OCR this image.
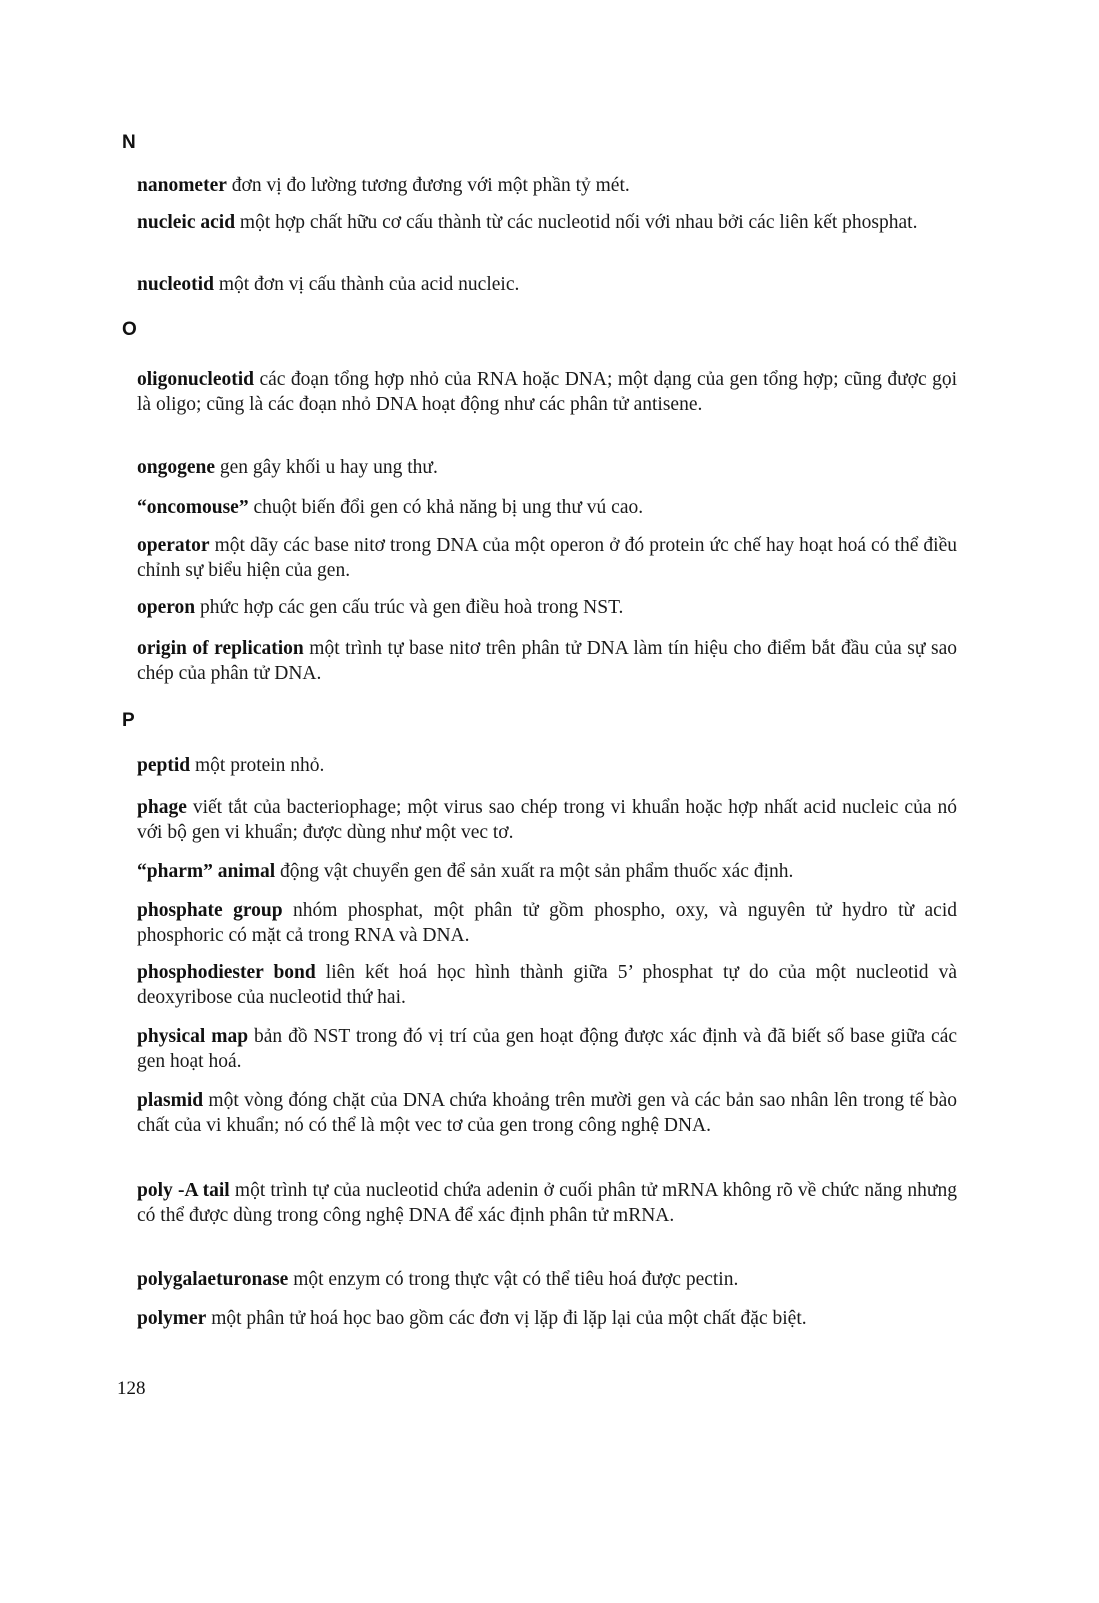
N
nanometer đơn vị đo lường tương đương với một phần tỷ mét.
nucleic acid một hợp chất hữu cơ cấu thành từ các nucleotid nối với nhau bởi các liên kết phosphat.
nucleotid một đơn vị cấu thành của acid nucleic.
O
oligonucleotid các đoạn tổng hợp nhỏ của RNA hoặc DNA; một dạng của gen tổng hợp; cũng được gọi là oligo; cũng là các đoạn nhỏ DNA hoạt động như các phân tử antisene.
ongogene gen gây khối u hay ung thư.
“oncomouse” chuột biến đổi gen có khả năng bị ung thư vú cao.
operator một dãy các base nitơ trong DNA của một operon ở đó protein ức chế hay hoạt hoá có thể điều chỉnh sự biểu hiện của gen.
operon phức hợp các gen cấu trúc và gen điều hoà trong NST.
origin of replication một trình tự base nitơ trên phân tử DNA làm tín hiệu cho điểm bắt đầu của sự sao chép của phân tử DNA.
P
peptid một protein nhỏ.
phage viết tắt của bacteriophage; một virus sao chép trong vi khuẩn hoặc hợp nhất acid nucleic của nó với bộ gen vi khuẩn; được dùng như một vec tơ.
“pharm” animal động vật chuyển gen để sản xuất ra một sản phẩm thuốc xác định.
phosphate group nhóm phosphat, một phân tử gồm phospho, oxy, và nguyên tử hydro từ acid phosphoric có mặt cả trong RNA và DNA.
phosphodiester bond liên kết hoá học hình thành giữa 5’ phosphat tự do của một nucleotid và deoxyribose của nucleotid thứ hai.
physical map bản đồ NST trong đó vị trí của gen hoạt động được xác định và đã biết số base giữa các gen hoạt hoá.
plasmid một vòng đóng chặt của DNA chứa khoảng trên mười gen và các bản sao nhân lên trong tế bào chất của vi khuẩn; nó có thể là một vec tơ của gen trong công nghệ DNA.
poly -A tail một trình tự của nucleotid chứa adenin ở cuối phân tử mRNA không rõ về chức năng nhưng có thể được dùng trong công nghệ DNA để xác định phân tử mRNA.
polygalaeturonase một enzym có trong thực vật có thể tiêu hoá được pectin.
polymer một phân tử hoá học bao gồm các đơn vị lặp đi lặp lại của một chất đặc biệt.
128
